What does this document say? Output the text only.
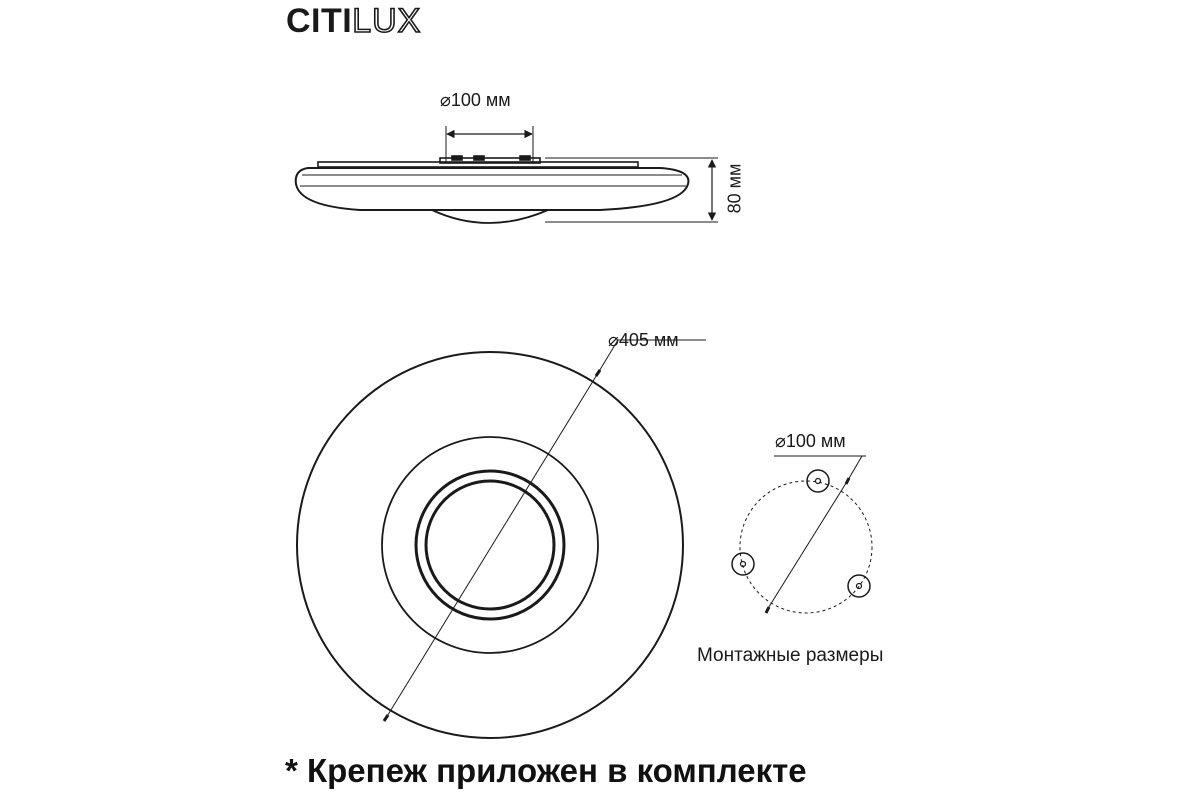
CITILUX
⌀100 мм
80 мм
⌀405 мм
⌀100 мм
Монтажные размеры
* Крепеж приложен в комплекте
